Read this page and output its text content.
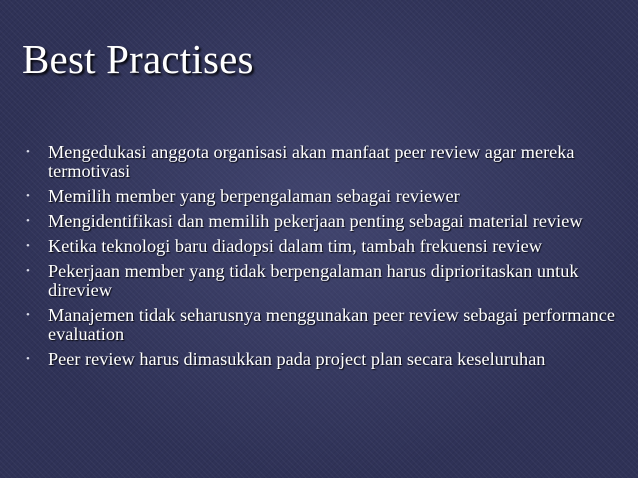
Best Practises
• Mengedukasi anggota organisasi akan manfaat peer review agar mereka termotivasi
• Memilih member yang berpengalaman sebagai reviewer
• Mengidentifikasi dan memilih pekerjaan penting sebagai material review
• Ketika teknologi baru diadopsi dalam tim, tambah frekuensi review
• Pekerjaan member yang tidak berpengalaman harus diprioritaskan untuk direview
• Manajemen tidak seharusnya menggunakan peer review sebagai performance evaluation
• Peer review harus dimasukkan pada project plan secara keseluruhan
